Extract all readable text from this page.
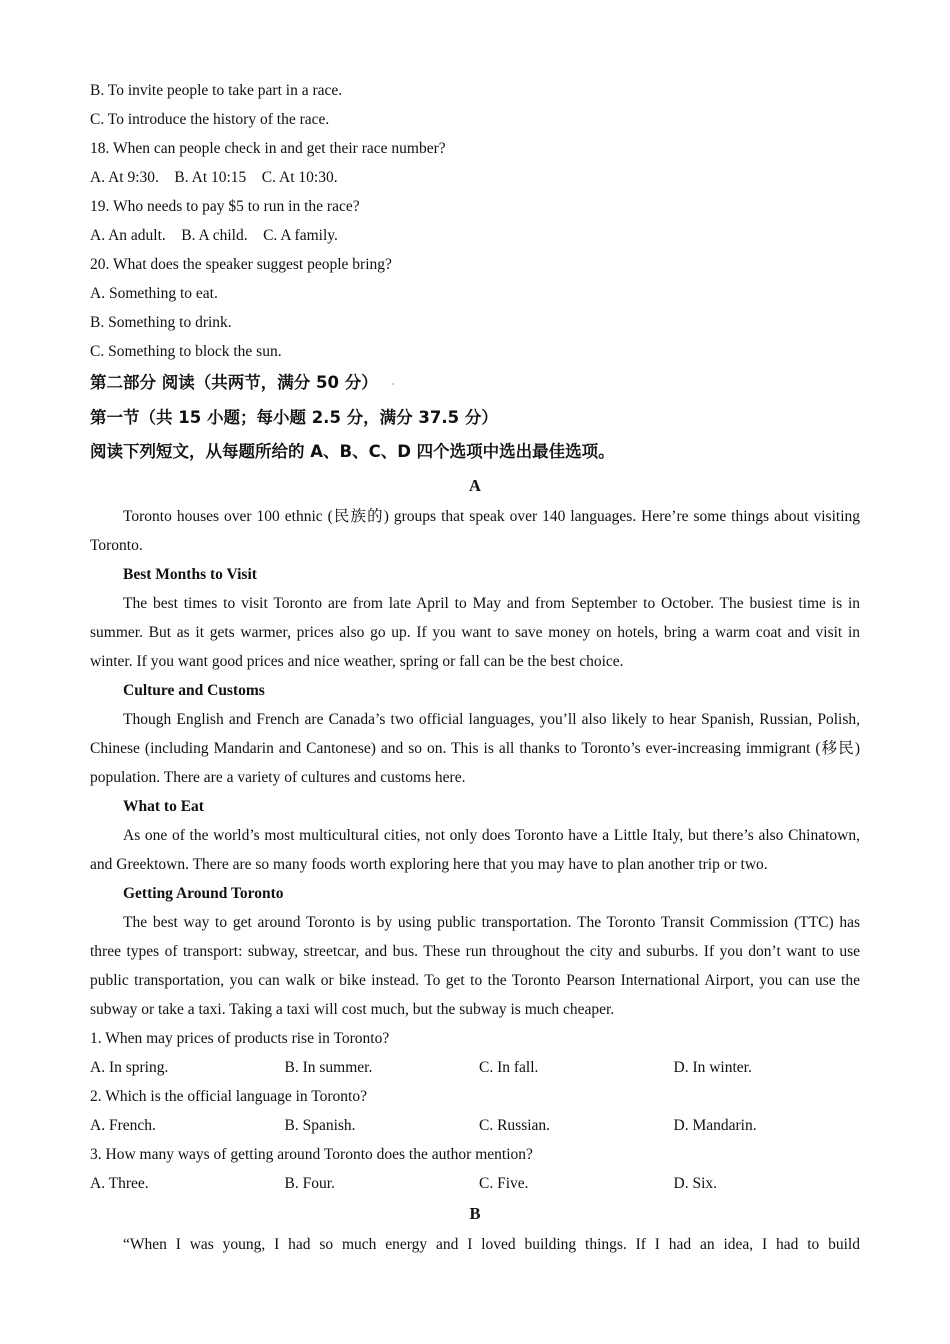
B. To invite people to take part in a race.
C. To introduce the history of the race.
18. When can people check in and get their race number?
A. At 9:30.    B. At 10:15    C. At 10:30.
19. Who needs to pay $5 to run in the race?
A. An adult.    B. A child.    C. A family.
20. What does the speaker suggest people bring?
A. Something to eat.
B. Something to drink.
C. Something to block the sun.
第二部分 阅读（共两节，满分 50 分）
第一节（共 15 小题；每小题 2.5 分，满分 37.5 分）
阅读下列短文，从每题所给的 A、B、C、D 四个选项中选出最佳选项。
A

Toronto houses over 100 ethnic (民族的) groups that speak over 140 languages. Here’re some things about visiting Toronto.

Best Months to Visit

The best times to visit Toronto are from late April to May and from September to October. The busiest time is in summer. But as it gets warmer, prices also go up. If you want to save money on hotels, bring a warm coat and visit in winter. If you want good prices and nice weather, spring or fall can be the best choice.

Culture and Customs

Though English and French are Canada’s two official languages, you’ll also likely to hear Spanish, Russian, Polish, Chinese (including Mandarin and Cantonese) and so on. This is all thanks to Toronto’s ever-increasing immigrant (移民) population. There are a variety of cultures and customs here.

What to Eat

As one of the world’s most multicultural cities, not only does Toronto have a Little Italy, but there’s also Chinatown, and Greektown. There are so many foods worth exploring here that you may have to plan another trip or two.

Getting Around Toronto

The best way to get around Toronto is by using public transportation. The Toronto Transit Commission (TTC) has three types of transport: subway, streetcar, and bus. These run throughout the city and suburbs. If you don’t want to use public transportation, you can walk or bike instead. To get to the Toronto Pearson International Airport, you can use the subway or take a taxi. Taking a taxi will cost much, but the subway is much cheaper.

1. When may prices of products rise in Toronto?
A. In spring.	B. In summer.	C. In fall.	D. In winter.
2. Which is the official language in Toronto?
A. French.	B. Spanish.	C. Russian.	D. Mandarin.
3. How many ways of getting around Toronto does the author mention?
A. Three.	B. Four.	C. Five.	D. Six.
B

“When I was young, I had so much energy and I loved building things. If I had an idea, I had to build
